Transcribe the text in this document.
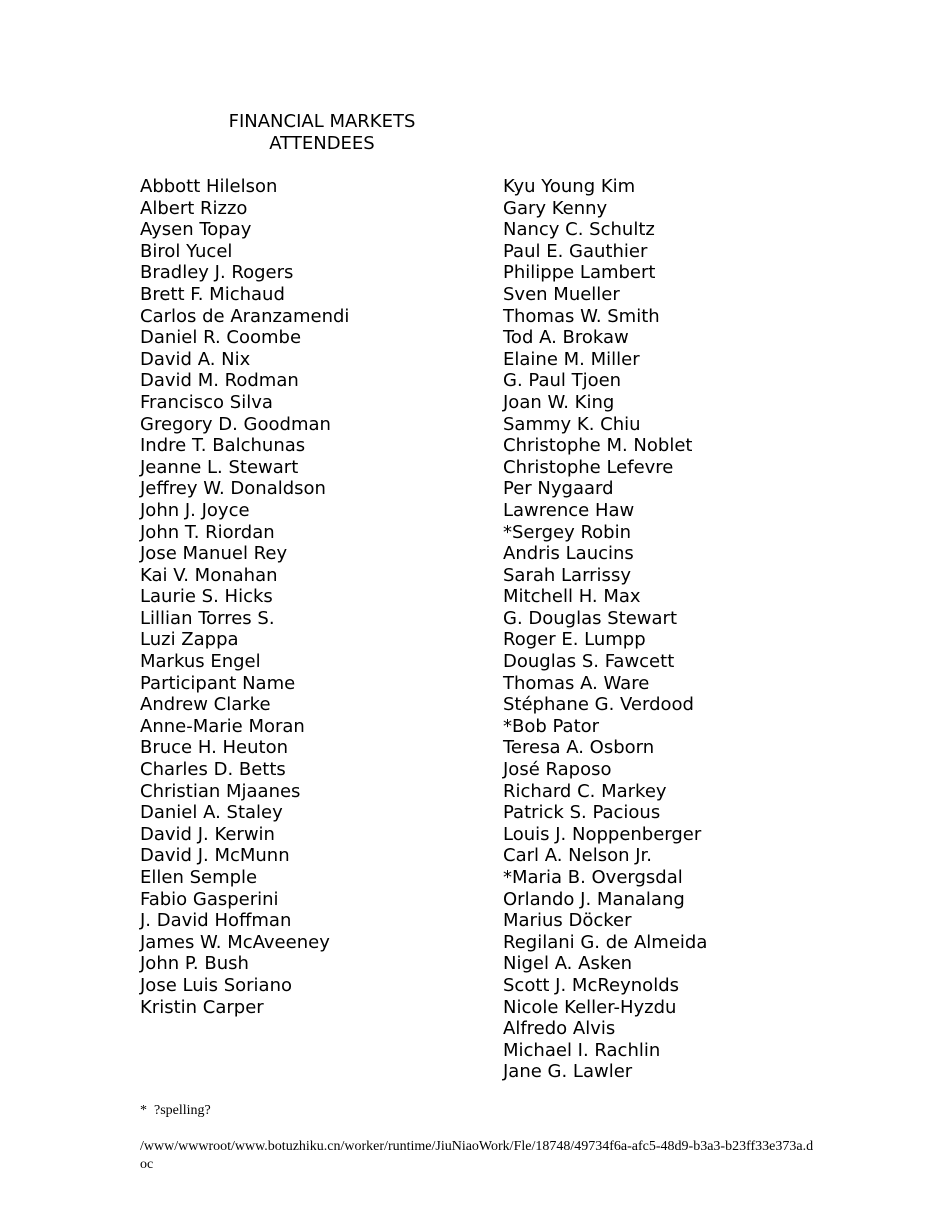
FINANCIAL MARKETS
ATTENDEES
Abbott Hilelson
Albert Rizzo
Aysen Topay
Birol Yucel
Bradley J. Rogers
Brett F. Michaud
Carlos de Aranzamendi
Daniel R. Coombe
David A. Nix
David M. Rodman
Francisco Silva
Gregory D. Goodman
Indre T. Balchunas
Jeanne L. Stewart
Jeffrey W. Donaldson
John J. Joyce
John T. Riordan
Jose Manuel Rey
Kai V. Monahan
Laurie S. Hicks
Lillian Torres S.
Luzi Zappa
Markus Engel
Participant Name
Andrew Clarke
Anne-Marie Moran
Bruce H. Heuton
Charles D. Betts
Christian Mjaanes
Daniel A. Staley
David J. Kerwin
David J. McMunn
Ellen Semple
Fabio Gasperini
J. David Hoffman
James W. McAveeney
John P. Bush
Jose Luis Soriano
Kristin Carper
Kyu Young Kim
Gary Kenny
Nancy C. Schultz
Paul E. Gauthier
Philippe Lambert
Sven Mueller
Thomas W. Smith
Tod A. Brokaw
Elaine M. Miller
G. Paul Tjoen
Joan W. King
Sammy K. Chiu
Christophe M. Noblet
Christophe Lefevre
Per Nygaard
Lawrence Haw
*Sergey Robin
Andris Laucins
Sarah Larrissy
Mitchell H. Max
G. Douglas Stewart
Roger E. Lumpp
Douglas S. Fawcett
Thomas A. Ware
Stéphane G. Verdood
*Bob Pator
Teresa A. Osborn
José Raposo
Richard C. Markey
Patrick S. Pacious
Louis J. Noppenberger
Carl A. Nelson Jr.
*Maria B. Overgsdal
Orlando J. Manalang
Marius Döcker
Regilani G. de Almeida
Nigel A. Asken
Scott J. McReynolds
Nicole Keller-Hyzdu
Alfredo Alvis
Michael I. Rachlin
Jane G. Lawler
*  ?spelling?
/www/wwwroot/www.botuzhiku.cn/worker/runtime/JiuNiaoWork/Fle/18748/49734f6a-afc5-48d9-b3a3-b23ff33e373a.doc
